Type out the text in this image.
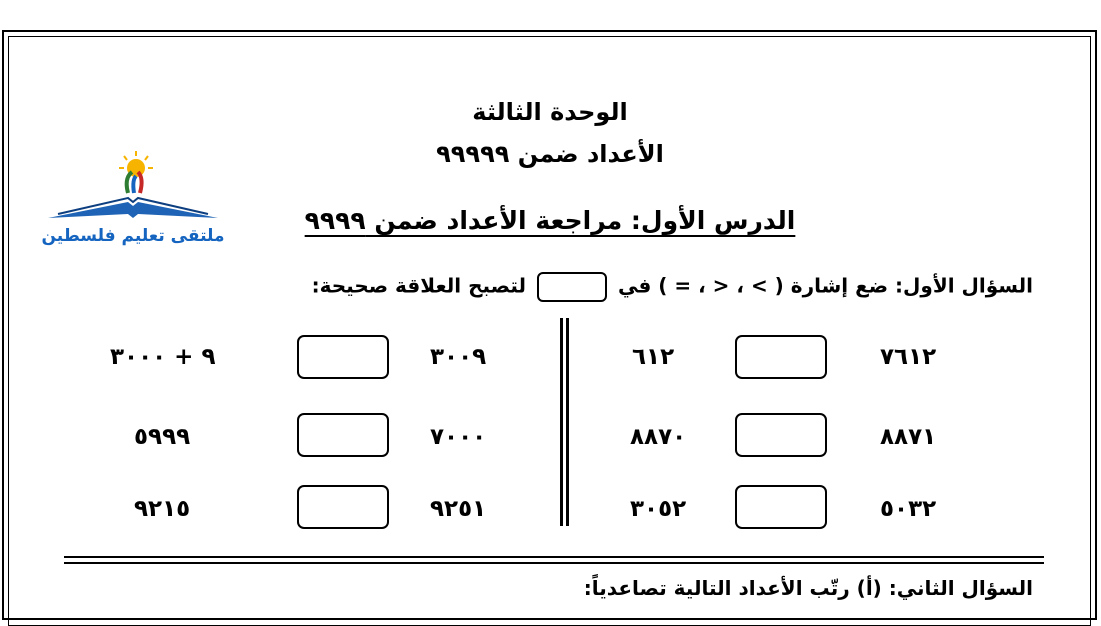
الوحدة الثالثة
الأعداد ضمن ٩٩٩٩٩
الدرس الأول: مراجعة الأعداد ضمن ٩٩٩٩
ملتقى تعليم فلسطين
السؤال الأول: ضع إشارة ( > ، < ، = ) في  لتصبح العلاقة صحيحة:
٧٦١٢
٦١٢
٨٨٧١
٨٨٧٠
٥٠٣٢
٣٠٥٢
٣٠٠٩
٩ + ٣٠٠٠
٧٠٠٠
٥٩٩٩
٩٢٥١
٩٢١٥
السؤال الثاني: (أ) رتّب الأعداد التالية تصاعدياً:
